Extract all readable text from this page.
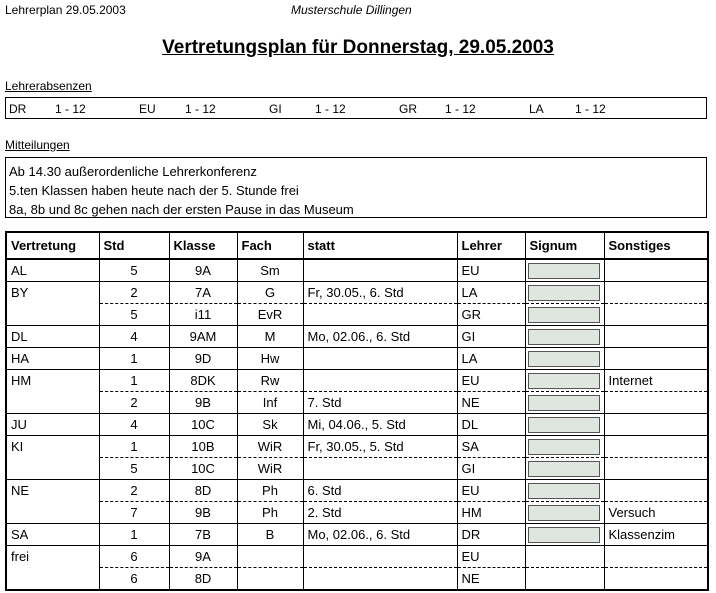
Lehrerplan 29.05.2003	Musterschule Dillingen
Vertretungsplan für Donnerstag, 29.05.2003
Lehrerabsenzen
DR 1 - 12	EU 1 - 12	GI	1 - 12	GR 1 - 12	LA	1 - 12
Mitteilungen
Ab 14.30 außerordenliche Lehrerkonferenz
5.ten Klassen haben heute nach der 5. Stunde frei
8a, 8b und 8c gehen nach der ersten Pause in das Museum
Vertretung	Std	Klasse	Fach	statt	Lehrer	Signum	Sonstiges
AL	5	9A	Sm		EU	

BY	2	7A	G	Fr, 30.05., 6. Std	LA	

	5	i11	EvR		GR	

DL	4	9AM	M	Mo, 02.06., 6. Std	GI	

HA	1	9D	Hw		LA	

HM	1	8DK	Rw		EU		Internet
	2	9B	Inf	7. Std	NE	

JU	4	10C	Sk	Mi, 04.06., 5. Std	DL	

KI	1	10B	WiR	Fr, 30.05., 5. Std	SA	

	5	10C	WiR		GI	

NE	2	8D	Ph	6. Std	EU	

	7	9B	Ph	2. Std	HM		Versuch
SA	1	7B	B	Mo, 02.06., 6. Std	DR		Klassenzim
frei	6	9A			EU		
	6	8D			NE		
